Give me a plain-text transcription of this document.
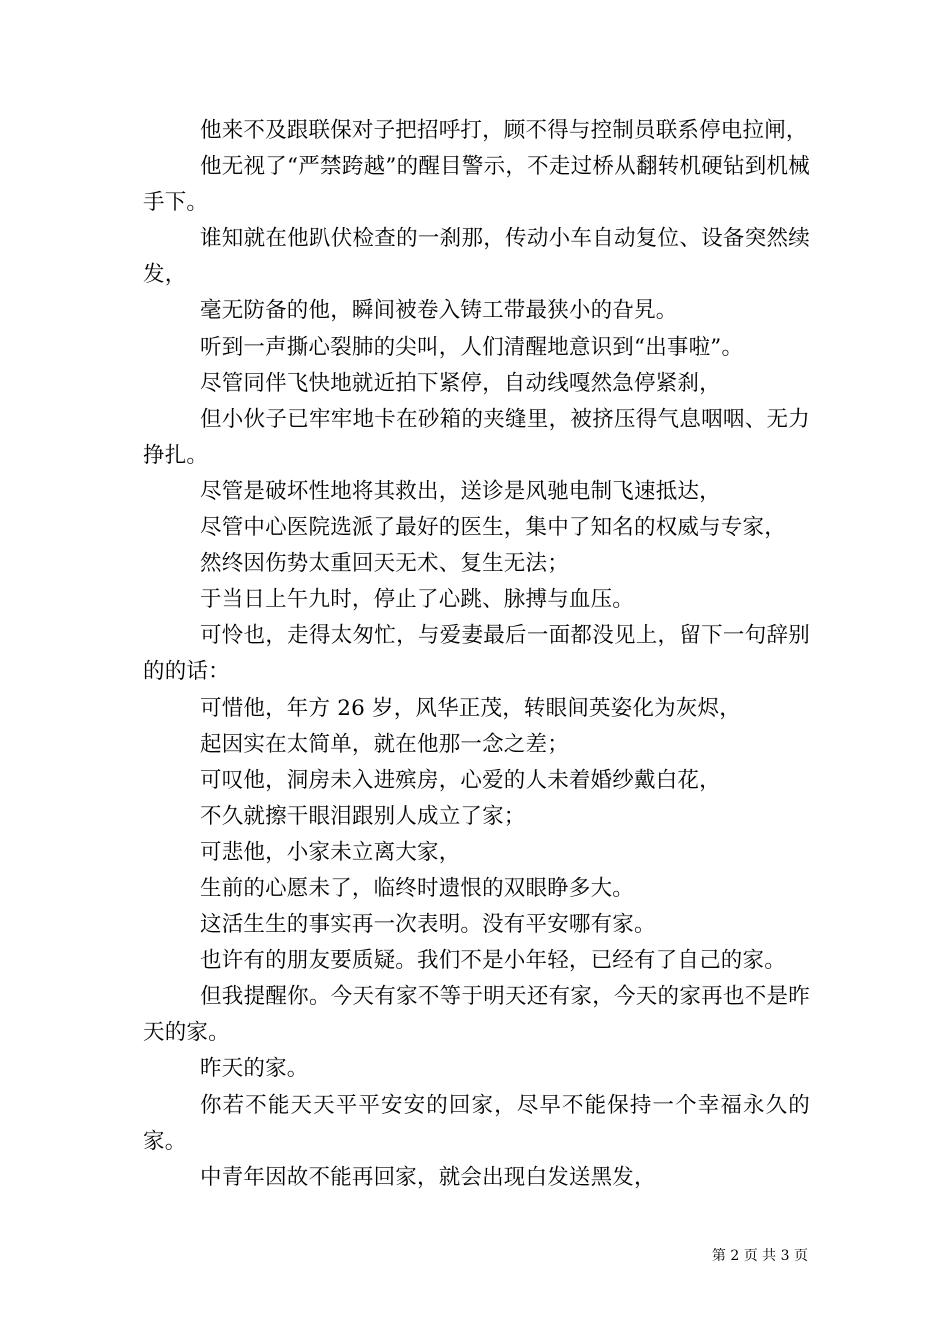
他来不及跟联保对子把招呼打，顾不得与控制员联系停电拉闸，

他无视了“严禁跨越”的醒目警示，不走过桥从翻转机硬钻到机械手下。

谁知就在他趴伏检查的一刹那，传动小车自动复位、设备突然续发，

毫无防备的他，瞬间被卷入铸工带最狭小的旮旯。

听到一声撕心裂肺的尖叫，人们清醒地意识到“出事啦”。

尽管同伴飞快地就近拍下紧停，自动线嘎然急停紧刹，

但小伙子已牢牢地卡在砂箱的夹缝里，被挤压得气息咽咽、无力挣扎。

尽管是破坏性地将其救出，送诊是风驰电制飞速抵达，

尽管中心医院选派了最好的医生，集中了知名的权威与专家，

然终因伤势太重回天无术、复生无法；

于当日上午九时，停止了心跳、脉搏与血压。

可怜也，走得太匆忙，与爱妻最后一面都没见上，留下一句辞别的的话：

可惜他，年方 26 岁，风华正茂，转眼间英姿化为灰烬，

起因实在太简单，就在他那一念之差；

可叹他，洞房未入进殡房，心爱的人未着婚纱戴白花，

不久就擦干眼泪跟别人成立了家；

可悲他，小家未立离大家，

生前的心愿未了，临终时遗恨的双眼睁多大。

这活生生的事实再一次表明。没有平安哪有家。

也许有的朋友要质疑。我们不是小年轻，已经有了自己的家。

但我提醒你。今天有家不等于明天还有家，今天的家再也不是昨天的家。

昨天的家。

你若不能天天平平安安的回家，尽早不能保持一个幸福永久的家。

中青年因故不能再回家，就会出现白发送黑发，

第 2 页 共 3 页
